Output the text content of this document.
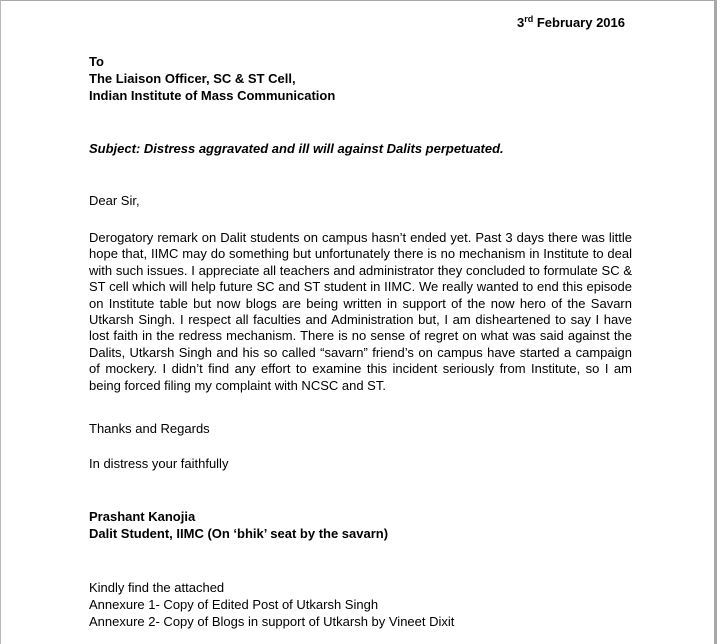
3rd February 2016
To
The Liaison Officer, SC & ST Cell,
Indian Institute of Mass Communication
Subject: Distress aggravated and ill will against Dalits perpetuated.
Dear Sir,
Derogatory remark on Dalit students on campus hasn’t ended yet. Past 3 days there was little hope that, IIMC may do something but unfortunately there is no mechanism in Institute to deal with such issues. I appreciate all teachers and administrator they concluded to formulate SC & ST cell which will help future SC and ST student in IIMC. We really wanted to end this episode on Institute table but now blogs are being written in support of the now hero of the Savarn Utkarsh Singh. I respect all faculties and Administration but, I am disheartened to say I have lost faith in the redress mechanism. There is no sense of regret on what was said against the Dalits, Utkarsh Singh and his so called “savarn” friend’s on campus have started a campaign of mockery. I didn’t find any effort to examine this incident seriously from Institute, so I am being forced filing my complaint with NCSC and ST.
Thanks and Regards
In distress your faithfully
Prashant Kanojia
Dalit Student, IIMC (On ‘bhik’ seat by the savarn)
Kindly find the attached
Annexure 1- Copy of Edited Post of Utkarsh Singh
Annexure 2- Copy of Blogs in support of Utkarsh by Vineet Dixit
